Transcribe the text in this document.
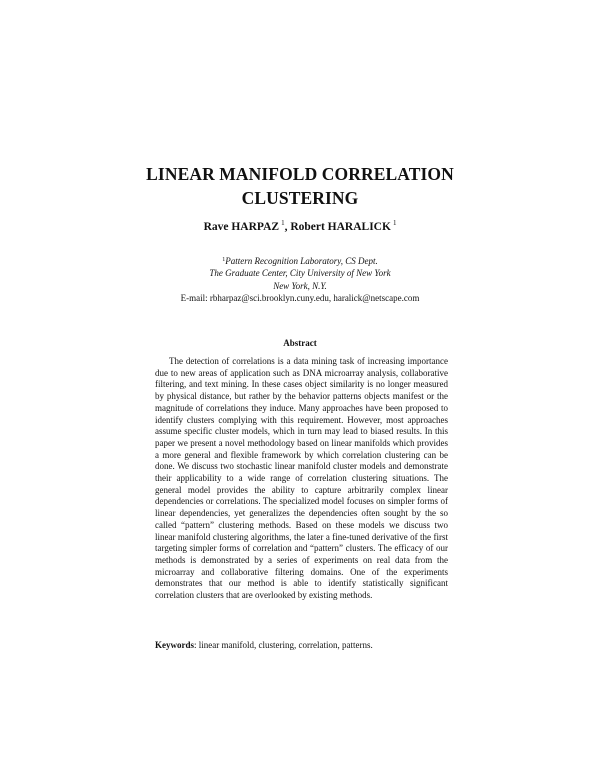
LINEAR MANIFOLD CORRELATION
CLUSTERING
Rave HARPAZ $^1$, Robert HARALICK $^1$
$^1$Pattern Recognition Laboratory, CS Dept.
The Graduate Center, City University of New York
New York, N.Y.
E-mail: rbharpaz@sci.brooklyn.cuny.edu, haralick@netscape.com
Abstract
The detection of correlations is a data mining task of increasing importance due to new areas of application such as DNA microarray analysis, collaborative filtering, and text mining. In these cases object similarity is no longer measured by physical distance, but rather by the behavior patterns objects manifest or the magnitude of correlations they induce. Many approaches have been proposed to identify clusters complying with this requirement. However, most approaches assume specific cluster models, which in turn may lead to biased results. In this paper we present a novel methodology based on linear manifolds which provides a more general and flexible framework by which correlation clustering can be done. We discuss two stochastic linear manifold cluster models and demonstrate their applicability to a wide range of correlation clustering situations. The general model provides the ability to capture arbitrarily complex linear dependencies or correlations. The specialized model focuses on simpler forms of linear dependencies, yet generalizes the dependencies often sought by the so called “pattern” clustering methods. Based on these models we discuss two linear manifold clustering algorithms, the later a fine-tuned derivative of the first targeting simpler forms of correlation and “pattern” clusters. The efficacy of our methods is demonstrated by a series of experiments on real data from the microarray and collaborative filtering domains. One of the experiments demonstrates that our method is able to identify statistically significant correlation clusters that are overlooked by existing methods.
Keywords: linear manifold, clustering, correlation, patterns.
